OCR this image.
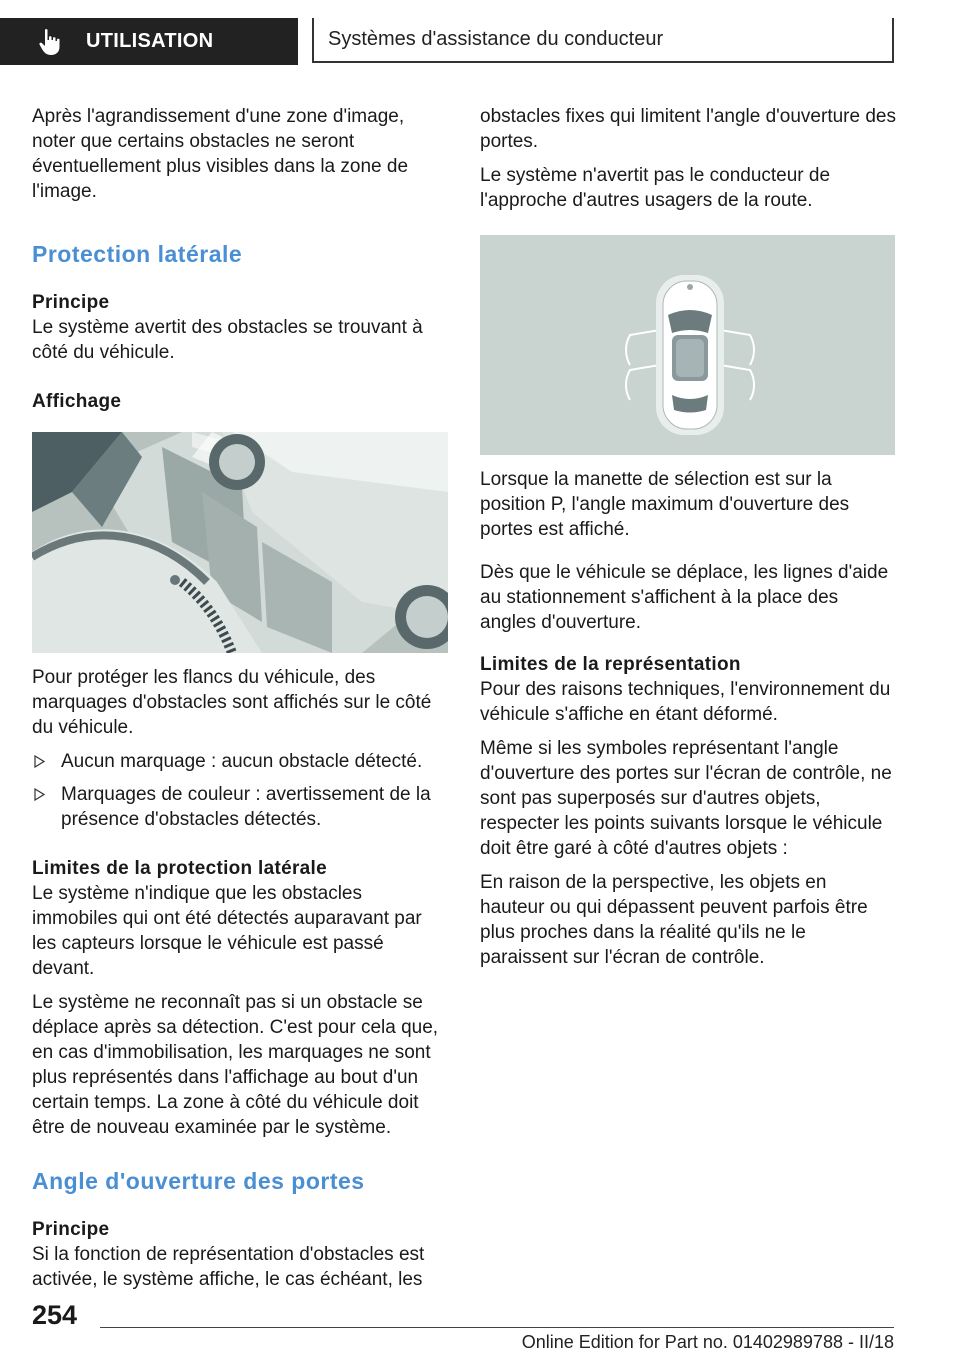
UTILISATION	Systèmes d'assistance du conducteur

Après l'agrandissement d'une zone d'image, noter que certains obstacles ne seront éventuellement plus visibles dans la zone de l'image.

Protection latérale
Principe

Le système avertit des obstacles se trouvant à côté du véhicule.

Affichage

Pour protéger les flancs du véhicule, des marquages d'obstacles sont affichés sur le côté du véhicule.

Aucun marquage : aucun obstacle détecté.
Marquages de couleur : avertissement de la présence d'obstacles détectés.
Limites de la protection latérale

Le système n'indique que les obstacles immobiles qui ont été détectés auparavant par les capteurs lorsque le véhicule est passé devant.

Le système ne reconnaît pas si un obstacle se déplace après sa détection. C'est pour cela que, en cas d'immobilisation, les marquages ne sont plus représentés dans l'affichage au bout d'un certain temps. La zone à côté du véhicule doit être de nouveau examinée par le système.

Angle d'ouverture des portes
Principe

Si la fonction de représentation d'obstacles est activée, le système affiche, le cas échéant, les

obstacles fixes qui limitent l'angle d'ouverture des portes.

Le système n'avertit pas le conducteur de l'approche d'autres usagers de la route.

Lorsque la manette de sélection est sur la position P, l'angle maximum d'ouverture des portes est affiché.

Dès que le véhicule se déplace, les lignes d'aide au stationnement s'affichent à la place des angles d'ouverture.

Limites de la représentation

Pour des raisons techniques, l'environnement du véhicule s'affiche en étant déformé.

Même si les symboles représentant l'angle d'ouverture des portes sur l'écran de contrôle, ne sont pas superposés sur d'autres objets, respecter les points suivants lorsque le véhicule doit être garé à côté d'autres objets :

En raison de la perspective, les objets en hauteur ou qui dépassent peuvent parfois être plus proches dans la réalité qu'ils ne le paraissent sur l'écran de contrôle.

254
Online Edition for Part no. 01402989788 - II/18
